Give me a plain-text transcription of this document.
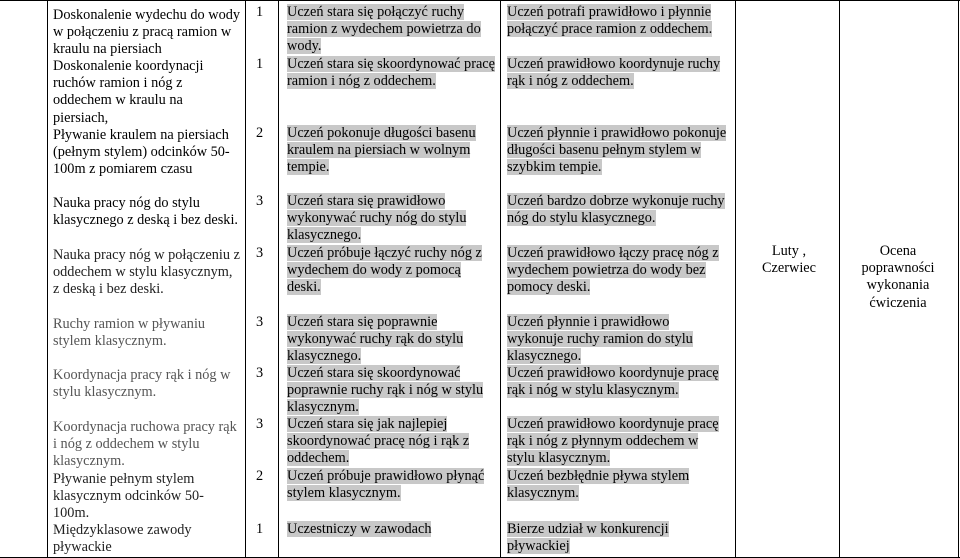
Doskonalenie wydechu do wody w połączeniu z pracą ramion w kraulu na piersiach
Doskonalenie koordynacji ruchów ramion i nóg z oddechem w kraulu na piersiach,
Pływanie kraulem na piersiach (pełnym stylem) odcinków 50-100m z pomiarem czasu
Nauka pracy nóg do stylu klasycznego z deską i bez deski.
Nauka pracy nóg w połączeniu z oddechem w stylu klasycznym, z deską i bez deski.
Ruchy ramion w pływaniu stylem klasycznym.
Koordynacja pracy rąk i nóg w stylu klasycznym.
Koordynacja ruchowa pracy rąk i nóg z oddechem w stylu klasycznym.
Pływanie pełnym stylem klasycznym odcinków 50-100m.
Międzyklasowe zawody pływackie
1 Uczeń stara się połączyć ruchy ramion z wydechem powietrza do wody.
Uczeń potrafi prawidłowo i płynnie połączyć prace ramion z oddechem.
1 Uczeń stara się skoordynować pracę ramion i nóg z oddechem.
Uczeń prawidłowo koordynuje ruchy rąk i nóg z oddechem.
2 Uczeń pokonuje długości basenu kraulem na piersiach w wolnym tempie.
Uczeń płynnie i prawidłowo pokonuje długości basenu pełnym stylem w szybkim tempie.
3 Uczeń stara się prawidłowo wykonywać ruchy nóg do stylu klasycznego.
Uczeń bardzo dobrze wykonuje ruchy nóg do stylu klasycznego.
3 Uczeń próbuje łączyć ruchy nóg z wydechem do wody z pomocą deski.
Uczeń prawidłowo łączy pracę nóg z wydechem powietrza do wody bez pomocy deski.
3 Uczeń stara się poprawnie wykonywać ruchy rąk do stylu klasycznego.
Uczeń płynnie i prawidłowo wykonuje ruchy ramion do stylu klasycznego.
3 Uczeń stara się skoordynować poprawnie ruchy rąk i nóg w stylu klasycznym.
Uczeń prawidłowo koordynuje pracę rąk i nóg w stylu klasycznym.
3 Uczeń stara się jak najlepiej skoordynować pracę nóg i rąk z oddechem.
Uczeń prawidłowo koordynuje pracę rąk i nóg z płynnym oddechem w stylu klasycznym.
2 Uczeń próbuje prawidłowo płynąć stylem klasycznym.
Uczeń bezbłędnie pływa stylem klasycznym.
1 Uczestniczy w zawodach	Bierze udział w konkurencji pływackiej
Luty , Czerwiec
Ocena poprawności wykonania ćwiczenia
